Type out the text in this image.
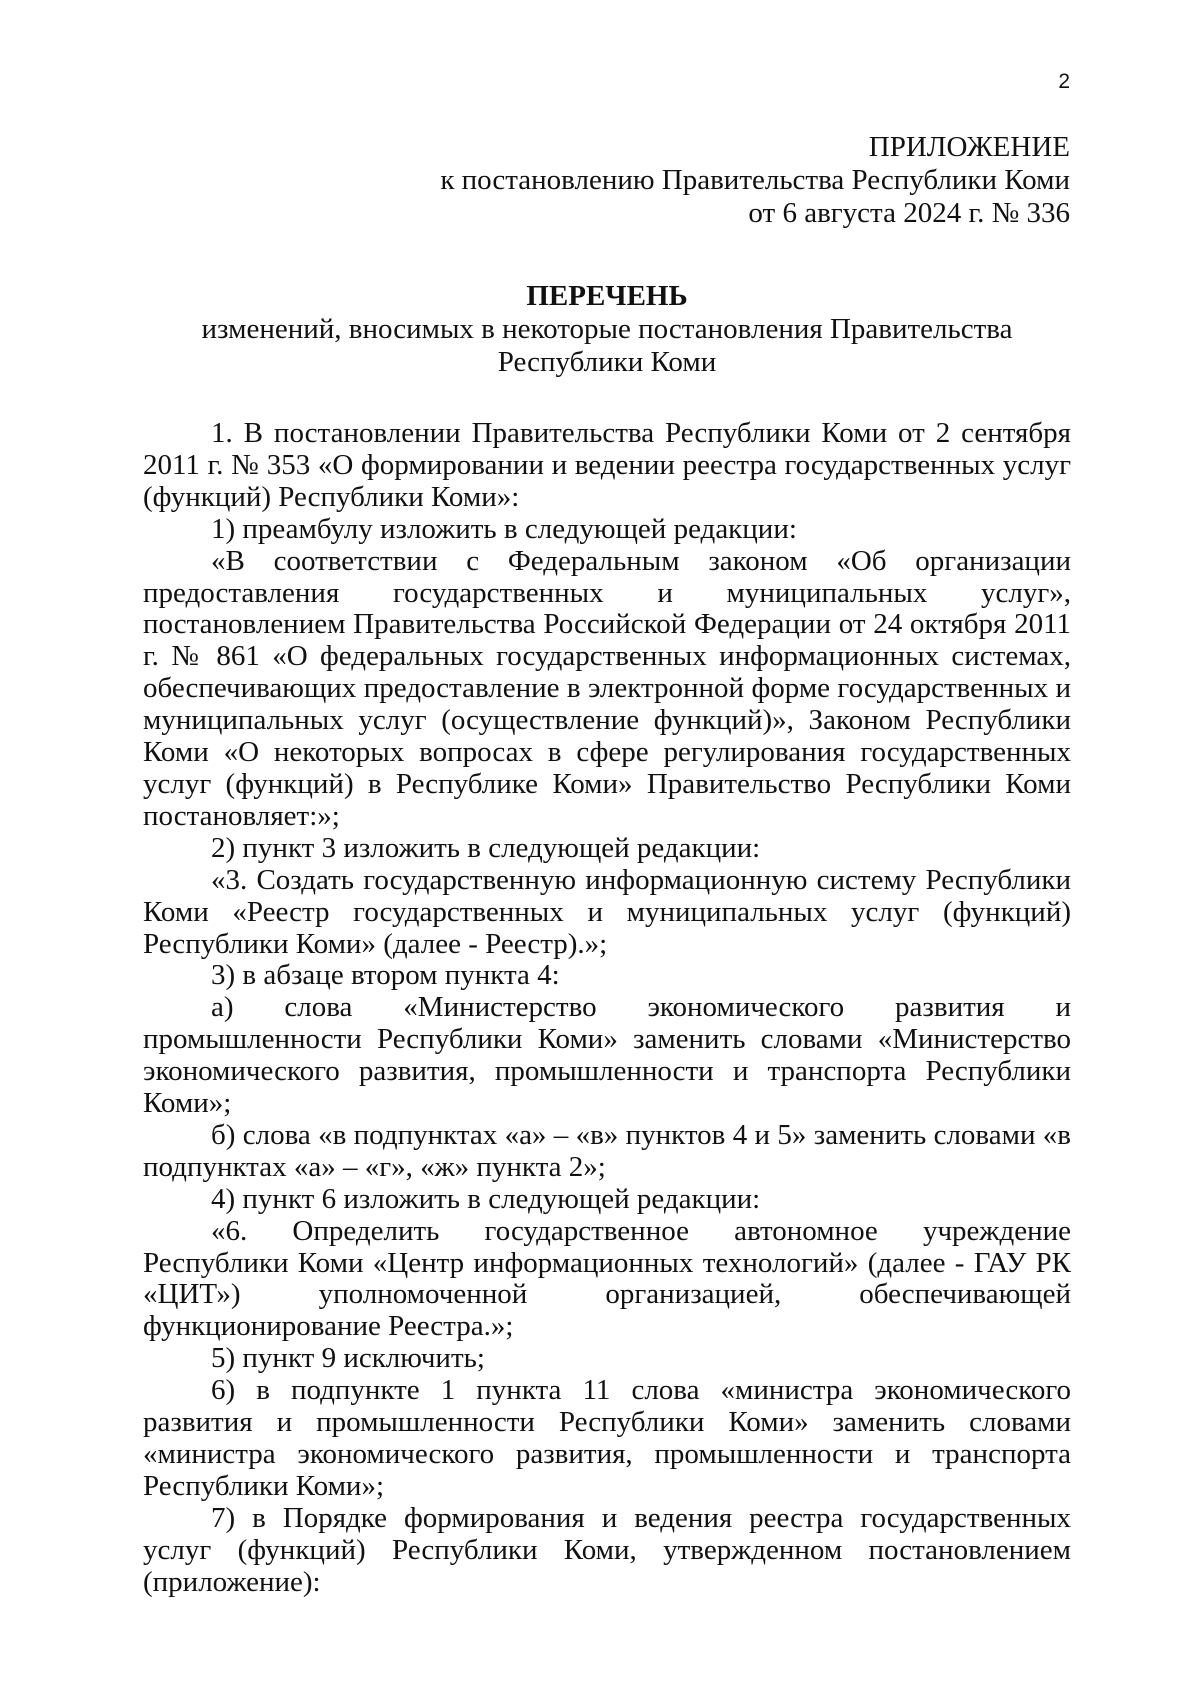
2
ПРИЛОЖЕНИЕ
к постановлению Правительства Республики Коми
от 6 августа 2024 г. № 336
ПЕРЕЧЕНЬ
изменений, вносимых в некоторые постановления Правительства
Республики Коми

1. В постановлении Правительства Республики Коми от 2 сентября 2011 г. № 353 «О формировании и ведении реестра государственных услуг (функций) Республики Коми»:

1) преамбулу изложить в следующей редакции:

«В соответствии с Федеральным законом «Об организации предоставления государственных и муниципальных услуг», постановлением Правительства Российской Федерации от 24 октября 2011 г. № 861 «О федеральных государственных информационных системах, обеспечивающих предоставление в электронной форме государственных и муниципальных услуг (осуществление функций)», Законом Республики Коми «О некоторых вопросах в сфере регулирования государственных услуг (функций) в Республике Коми» Правительство Республики Коми постановляет:»;

2) пункт 3 изложить в следующей редакции:

«3. Создать государственную информационную систему Республики Коми «Реестр государственных и муниципальных услуг (функций) Республики Коми» (далее - Реестр).»;

3) в абзаце втором пункта 4:

а) слова «Министерство экономического развития и промышленности Республики Коми» заменить словами «Министерство экономического развития, промышленности и транспорта Республики Коми»;

б) слова «в подпунктах «а» – «в» пунктов 4 и 5» заменить словами «в подпунктах «а» – «г», «ж» пункта 2»;

4) пункт 6 изложить в следующей редакции:

«6. Определить государственное автономное учреждение Республики Коми «Центр информационных технологий» (далее - ГАУ РК «ЦИТ») уполномоченной организацией, обеспечивающей функционирование Реестра.»;

5) пункт 9 исключить;

6) в подпункте 1 пункта 11 слова «министра экономического развития и промышленности Республики Коми» заменить словами «министра экономического развития, промышленности и транспорта Республики Коми»;

7) в Порядке формирования и ведения реестра государственных услуг (функций) Республики Коми, утвержденном постановлением (приложение):
